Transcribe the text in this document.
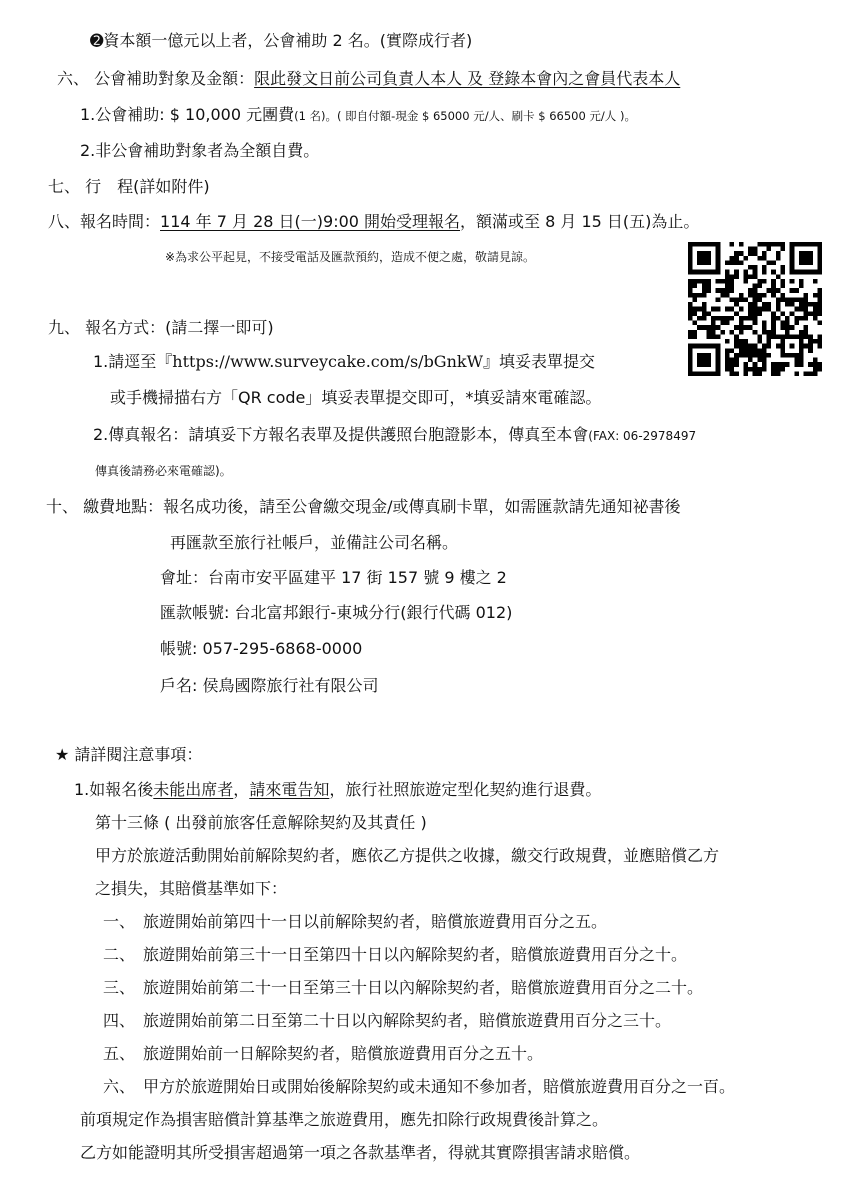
➋資本額一億元以上者，公會補助 2 名。(實際成行者)
六、 公會補助對象及金額：限此發文日前公司負責人本人 及 登錄本會內之會員代表本人
1.公會補助: $ 10,000 元團費(1 名)。( 即自付額-現金 $ 65000 元/人、刷卡 $ 66500 元/人 )。
2.非公會補助對象者為全額自費。
七、 行　程(詳如附件)
八、報名時間：114 年 7 月 28 日(一)9:00 開始受理報名，額滿或至 8 月 15 日(五)為止。
※為求公平起見，不接受電話及匯款預約，造成不便之處，敬請見諒。
九、 報名方式：(請二擇一即可)
1.請逕至『https://www.surveycake.com/s/bGnkW』填妥表單提交
或手機掃描右方「QR code」填妥表單提交即可，*填妥請來電確認。
2.傳真報名：請填妥下方報名表單及提供護照台胞證影本，傳真至本會(FAX: 06-2978497
傳真後請務必來電確認)。
十、 繳費地點：報名成功後，請至公會繳交現金/或傳真刷卡單，如需匯款請先通知祕書後
再匯款至旅行社帳戶，並備註公司名稱。
會址：台南市安平區建平 17 街 157 號 9 樓之 2
匯款帳號: 台北富邦銀行-東城分行(銀行代碼 012)
帳號: 057-295-6868-0000
戶名: 侯鳥國際旅行社有限公司
★ 請詳閱注意事項：
1.如報名後未能出席者，請來電告知，旅行社照旅遊定型化契約進行退費。
第十三條 ( 出發前旅客任意解除契約及其責任 )
甲方於旅遊活動開始前解除契約者，應依乙方提供之收據，繳交行政規費，並應賠償乙方
之損失，其賠償基準如下：
一、　旅遊開始前第四十一日以前解除契約者，賠償旅遊費用百分之五。
二、　旅遊開始前第三十一日至第四十日以內解除契約者，賠償旅遊費用百分之十。
三、　旅遊開始前第二十一日至第三十日以內解除契約者，賠償旅遊費用百分之二十。
四、　旅遊開始前第二日至第二十日以內解除契約者，賠償旅遊費用百分之三十。
五、　旅遊開始前一日解除契約者，賠償旅遊費用百分之五十。
六、　甲方於旅遊開始日或開始後解除契約或未通知不參加者，賠償旅遊費用百分之一百。
前項規定作為損害賠償計算基準之旅遊費用，應先扣除行政規費後計算之。
乙方如能證明其所受損害超過第一項之各款基準者，得就其實際損害請求賠償。
